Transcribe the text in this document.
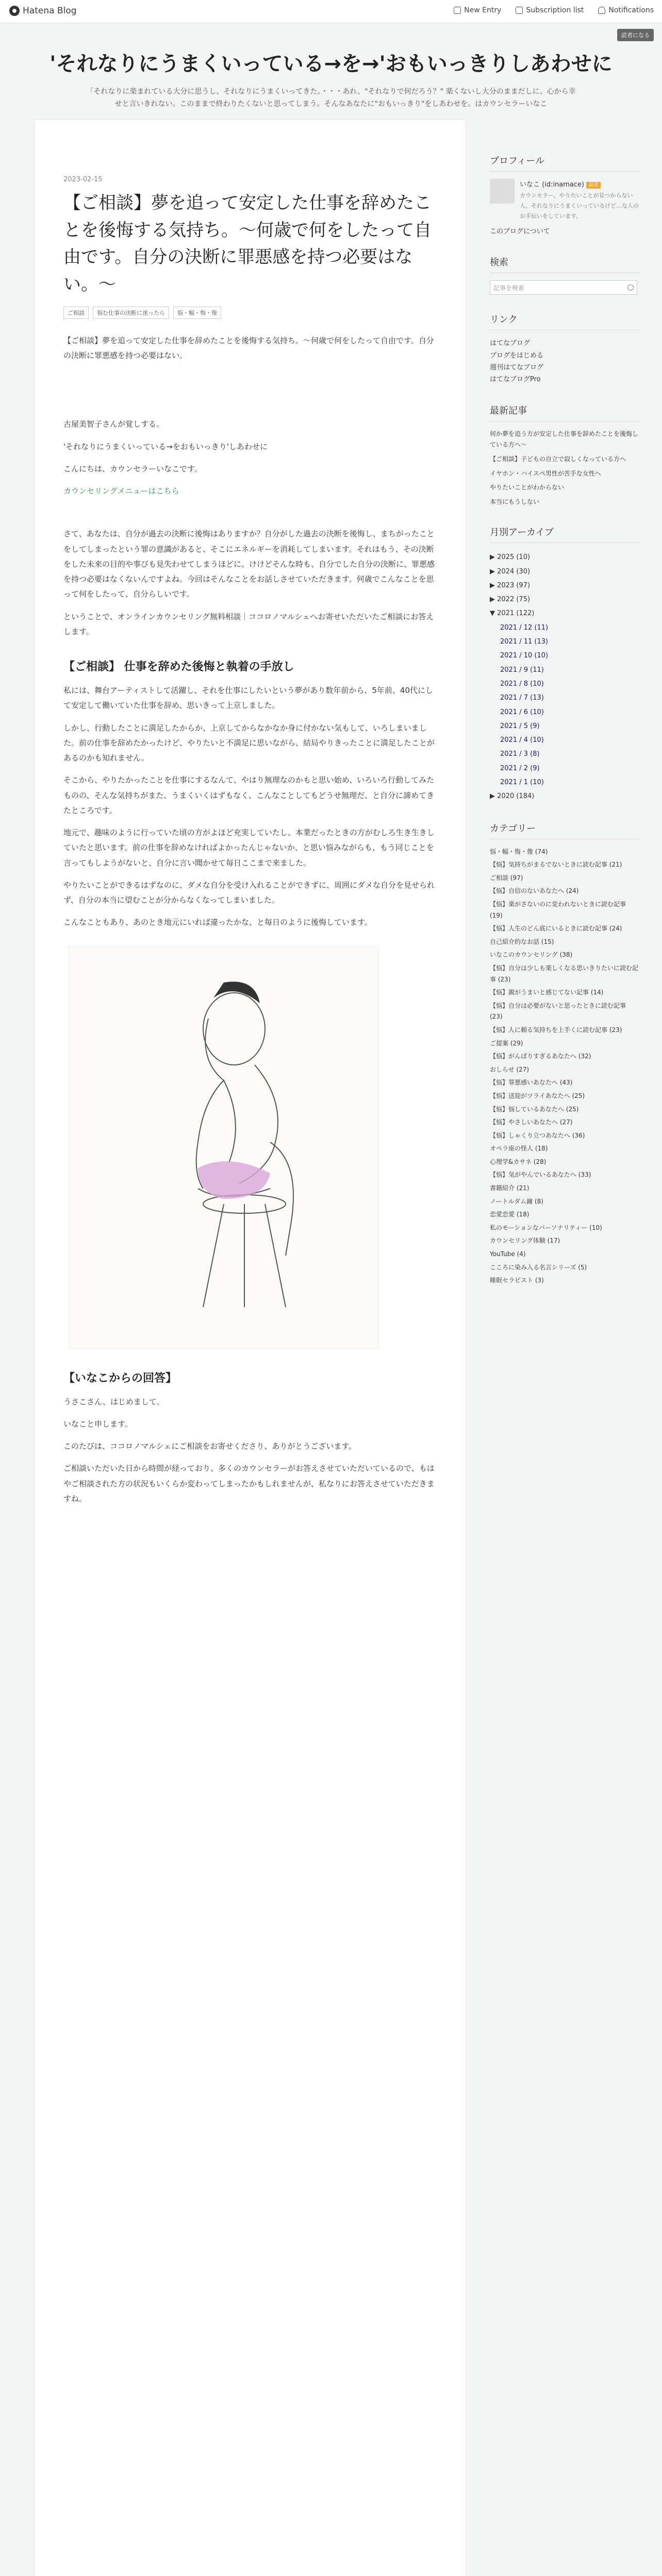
Hatena Blog	New Entry	Subscription list	Notifications
読者になる
'それなりにうまくいっている→を→'おもいっきりしあわせに
「それなりに楽まれている大分に思うし、それなりにうまくいってきた。・・・あれ、"それなりで何だろう？" 楽くないし大分のままだしに、心から幸せと言いきれない。このままで終わりたくないと思ってしまう。そんなあなたに"おもいっきり"をしあわせを。はカウンセラーいなこ
2023-02-15
【ご相談】夢を追って安定した仕事を辞めたことを後悔する気持ち。〜何歳で何をしたって自由です。自分の決断に罪悪感を持つ必要はない。〜
ご相談	悩む仕事の決断に迷ったら	悩・幅・悔・像

【ご相談】夢を追って安定した仕事を辞めたことを後悔する気持ち。〜何歳で何をしたって自由です。自分の決断に罪悪感を持つ必要はない。

古屋美智子さんが覚しする。

'それなりにうまくいっている→をおもいっきり'しあわせに

こんにちは、カウンセラーいなこです。

カウンセリングメニューはこちら

さて、あなたは、自分が過去の決断に後悔はありますか？自分がした過去の決断を後悔し、まちがったことをしてしまったという罪の意識があると、そこにエネルギーを消耗してしまいます。それはもう、その決断をした未来の目的や事びも見失わせてしまうほどに。けけどそんな時も、自分でした自分の決断に、罪悪感を持つ必要はなくないんですよね。今回はそんなことをお話しさせていただきます。何歳でこんなことを思って何をしたって、自分らしいです。

ということで、オンラインカウンセリング無料相談｜ココロノマルシェへお寄せいただいたご相談にお答えします。

【ご相談】 仕事を辞めた後悔と執着の手放し

私には、舞台アーティストして活躍し、それを仕事にしたいという夢があり数年前から、5年前、40代にして安定して働いていた仕事を辞め、思いきって上京しました。

しかし、行動したことに満足したからか、上京してからなかなか身に付かない気もして、いろしまいました。前の仕事を辞めたかったけど、やりたいと不満足に思いながら、結局やりきったことに満足したことがあるのかも知れません。

そこから、やりたかったことを仕事にするなんて、やはり無理なのかもと思い始め、いろいろ行動してみたものの、そんな気持ちがまた、うまくいくはずもなく、こんなことしてもどうせ無理だ、と自分に諦めてきたところです。

地元で、趣味のように行っていた頃の方がよほど充実していたし、本業だったときの方がむしろ生き生きしていたと思います。前の仕事を辞めなければよかったんじゃないか、と思い悩みながらも、もう同じことを言ってもしようがないと、自分に言い聞かせて毎日ここまで来ました。

やりたいことができるはずなのに、ダメな自分を受け入れることができずに、周囲にダメな自分を見せられず、自分の本当に望むことが分からなくなってしまいました。

こんなこともあり、あのとき地元にいれば違ったかな、と毎日のように後悔しています。

【いなこからの回答】

うさこさん、はじめまして。

いなこと申します。

このたびは、ココロノマルシェにご相談をお寄せくださり、ありがとうございます。

ご相談いただいた日から時間が経っており、多くのカウンセラーがお答えさせていただいているので、もはやご相談された方の状況もいくらか変わってしまったかもしれませんが、私なりにお答えさせていただきますね。

プロフィール
いなこ (id:inamace) 読者
カウンセラー。やりたいことが見つからない人、それなりにうまくいっているけど…な人のお手伝いをしています。
このブログについて
検索
記事を検索
リンク
はてなブログ
ブログをはじめる
週刊はてなブログ
はてなブログPro
最新記事
何か夢を追う方が安定した仕事を辞めたことを後悔している方へ〜
【ご相談】子どもの自立で寂しくなっている方へ
イヤホン・ハイスペ男性が苦手な女性へ
やりたいことがわからない
本当にもうしない
月別アーカイブ
▶ 2025 (10)
▶ 2024 (30)
▶ 2023 (97)
▶ 2022 (75)
▼ 2021 (122)
2021 / 12 (11)
2021 / 11 (13)
2021 / 10 (10)
2021 / 9 (11)
2021 / 8 (10)
2021 / 7 (13)
2021 / 6 (10)
2021 / 5 (9)
2021 / 4 (10)
2021 / 3 (8)
2021 / 2 (9)
2021 / 1 (10)
▶ 2020 (184)
カテゴリー
悩・幅・悔・像 (74)
【悩】気持ちがまるでないときに読む記事 (21)
ご相談 (97)
【悩】自信のないあなたへ (24)
【悩】楽がさないのに変われないときに読む記事 (19)
【悩】人生のどん底にいるときに読む記事 (24)
自己紹介的なお話 (15)
いなこのカウンセリング (38)
【悩】自分は少しも楽しくなる思いきりたいに読む記事 (23)
【悩】親がうまいと感じてない記事 (14)
【悩】自分は必要がないと思ったときに読む記事 (23)
【悩】人に頼る気持ちを上手くに読む記事 (23)
ご提案 (29)
【悩】がんばりすぎるあなたへ (32)
おしらせ (27)
【悩】罪悪感いあなたへ (43)
【悩】送迎がツライあなたへ (25)
【悩】悩しているあなたへ (25)
【悩】やさしいあなたへ (27)
【悩】しゃくり立つあなたへ (36)
オペラ座の怪人 (18)
心理学&カサネ (28)
【悩】気がやんでいるあなたへ (33)
書籍紹介 (21)
ノートルダム鐘 (8)
恋愛恋愛 (18)
私のモーションなパーソナリティー (10)
カウンセリング体験 (17)
YouTube (4)
こころに染み入る名言シリーズ (5)
睡眠セラピスト (3)
